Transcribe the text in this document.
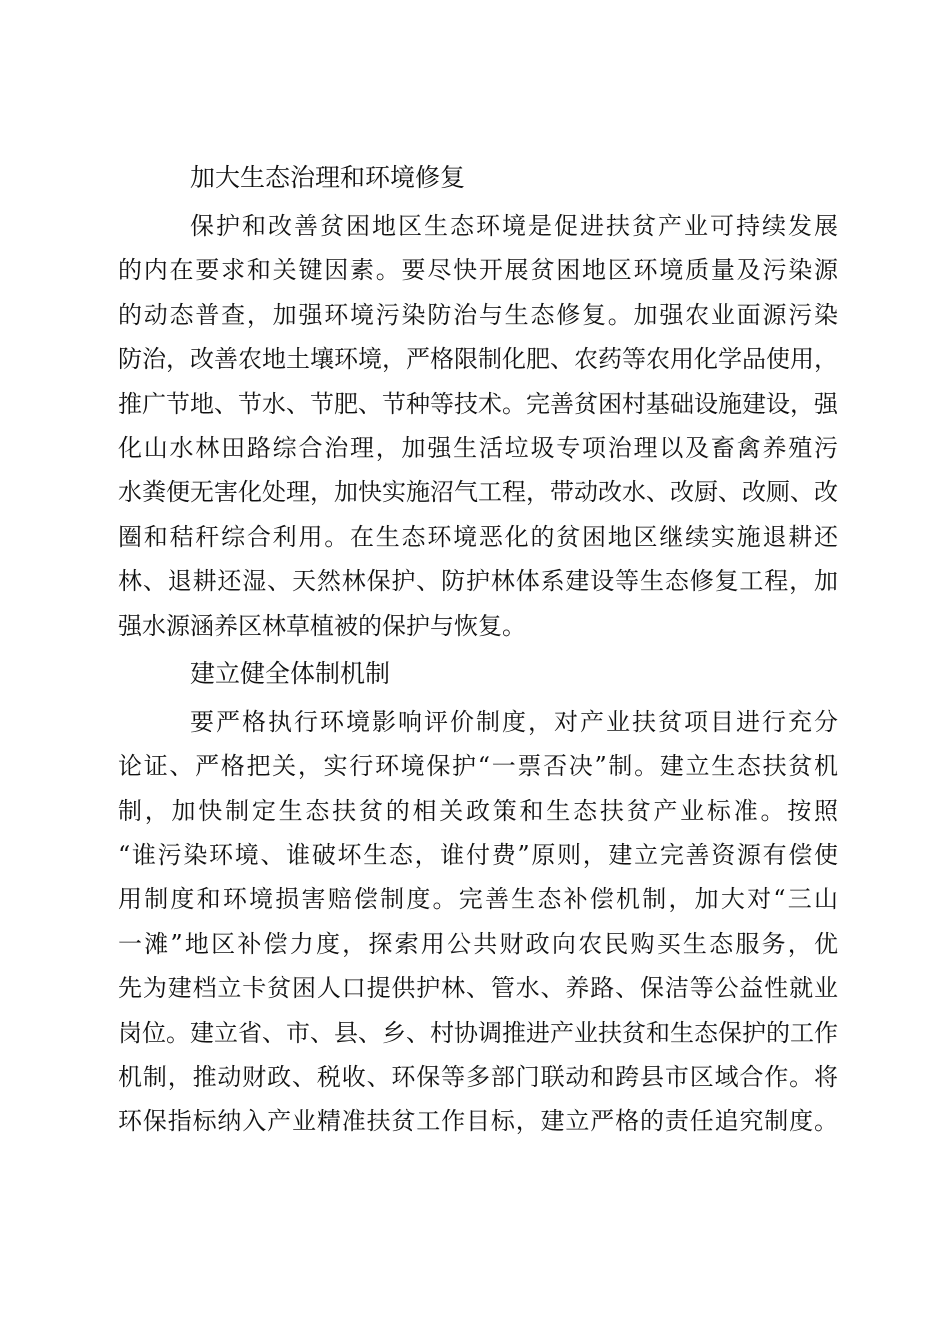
加大生态治理和环境修复
保护和改善贫困地区生态环境是促进扶贫产业可持续发展
的内在要求和关键因素。要尽快开展贫困地区环境质量及污染源
的动态普查，加强环境污染防治与生态修复。加强农业面源污染
防治，改善农地土壤环境，严格限制化肥、农药等农用化学品使用，
推广节地、节水、节肥、节种等技术。完善贫困村基础设施建设，强
化山水林田路综合治理，加强生活垃圾专项治理以及畜禽养殖污
水粪便无害化处理，加快实施沼气工程，带动改水、改厨、改厕、改
圈和秸秆综合利用。在生态环境恶化的贫困地区继续实施退耕还
林、退耕还湿、天然林保护、防护林体系建设等生态修复工程，加
强水源涵养区林草植被的保护与恢复。
建立健全体制机制
要严格执行环境影响评价制度，对产业扶贫项目进行充分
论证、严格把关，实行环境保护“一票否决”制。建立生态扶贫机
制，加快制定生态扶贫的相关政策和生态扶贫产业标准。按照
“谁污染环境、谁破坏生态，谁付费”原则，建立完善资源有偿使
用制度和环境损害赔偿制度。完善生态补偿机制，加大对“三山
一滩”地区补偿力度，探索用公共财政向农民购买生态服务，优
先为建档立卡贫困人口提供护林、管水、养路、保洁等公益性就业
岗位。建立省、市、县、乡、村协调推进产业扶贫和生态保护的工作
机制，推动财政、税收、环保等多部门联动和跨县市区域合作。将
环保指标纳入产业精准扶贫工作目标，建立严格的责任追究制度。
